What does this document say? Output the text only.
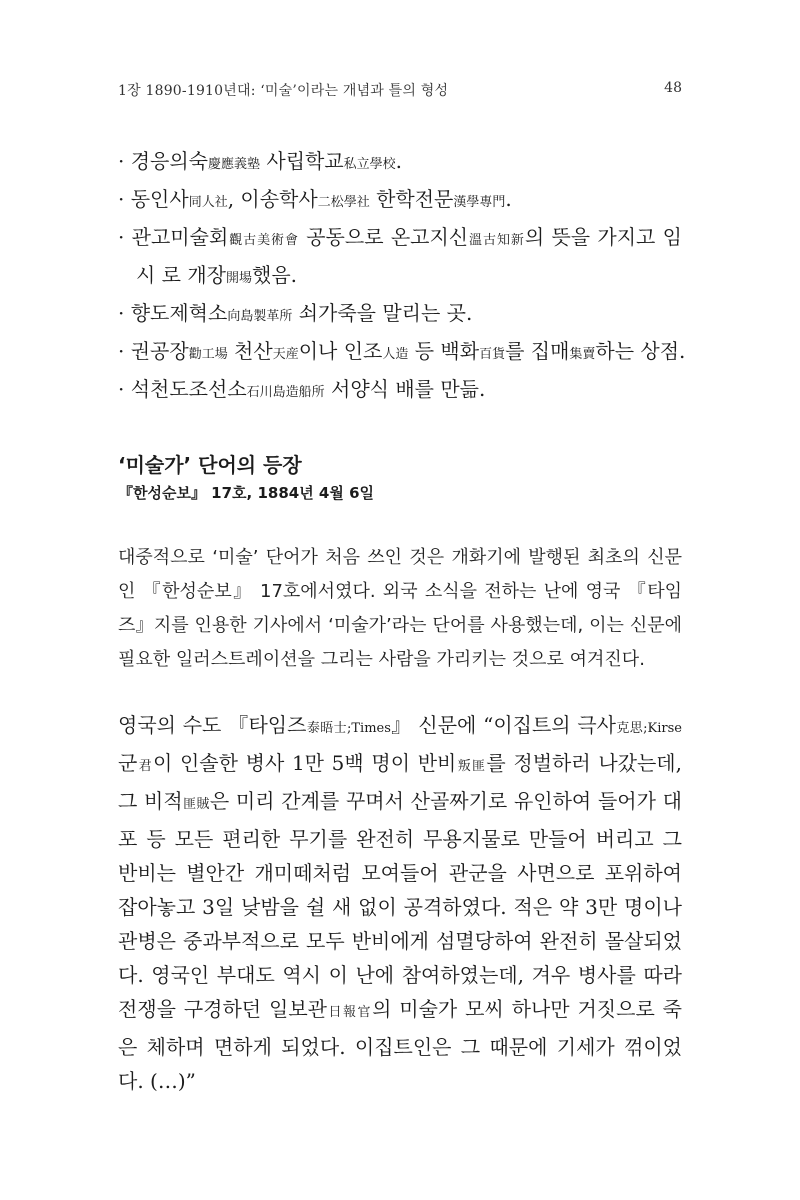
1장 1890-1910년대: ‘미술’이라는 개념과 틀의 형성	48
· 경응의숙慶應義塾 사립학교私立學校.
· 동인사同人社, 이송학사二松學社 한학전문漢學專門.
· 관고미술회觀古美術會 공동으로 온고지신溫古知新의 뜻을 가지고 임시 로 개장開場했음.
· 향도제혁소向島製革所 쇠가죽을 말리는 곳.
· 권공장勸工場 천산天産이나 인조人造 등 백화百貨를 집매集賣하는 상점.
· 석천도조선소石川島造船所 서양식 배를 만듦.
‘미술가’ 단어의 등장
『한성순보』 17호, 1884년 4월 6일
대중적으로 ‘미술’ 단어가 처음 쓰인 것은 개화기에 발행된 최초의 신문인 『한성순보』 17호에서였다. 외국 소식을 전하는 난에 영국 『타임즈』지를 인용한 기사에서 ‘미술가’라는 단어를 사용했는데, 이는 신문에 필요한 일러스트레이션을 그리는 사람을 가리키는 것으로 여겨진다.
영국의 수도 『타임즈泰晤士;Times』 신문에 “이집트의 극사克思;Kirse 군君이 인솔한 병사 1만 5백 명이 반비叛匪를 정벌하러 나갔는데, 그 비적匪賊은 미리 간계를 꾸며서 산골짜기로 유인하여 들어가 대포 등 모든 편리한 무기를 완전히 무용지물로 만들어 버리고 그 반비는 별안간 개미떼처럼 모여들어 관군을 사면으로 포위하여 잡아놓고 3일 낮밤을 쉴 새 없이 공격하였다. 적은 약 3만 명이나 관병은 중과부적으로 모두 반비에게 섬멸당하여 완전히 몰살되었다. 영국인 부대도 역시 이 난에 참여하였는데, 겨우 병사를 따라 전쟁을 구경하던 일보관日報官의 미술가 모씨 하나만 거짓으로 죽은 체하며 면하게 되었다. 이집트인은 그 때문에 기세가 꺾이었다. (…)”
